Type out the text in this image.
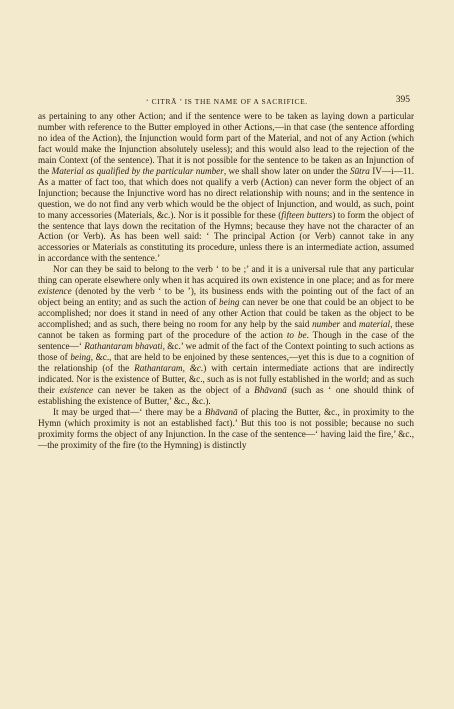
‘ CITRĀ ’ IS THE NAME OF A SACRIFICE.	395

as pertaining to any other Action; and if the sentence were to be taken as laying down a particular number with reference to the Butter employed in other Actions,—in that case (the sentence affording no idea of the Action), the Injunction would form part of the Material, and not of any Action (which fact would make the Injunction absolutely useless); and this would also lead to the rejection of the main Context (of the sentence). That it is not possible for the sentence to be taken as an Injunction of the Material as qualified by the particular number, we shall show later on under the Sūtra IV—i—11. As a matter of fact too, that which does not qualify a verb (Action) can never form the object of an Injunction; because the Injunctive word has no direct relationship with nouns; and in the sentence in question, we do not find any verb which would be the object of Injunction, and would, as such, point to many accessories (Materials, &c.). Nor is it possible for these (fifteen butters) to form the object of the sentence that lays down the recitation of the Hymns; because they have not the character of an Action (or Verb). As has been well said: ‘ The principal Action (or Verb) cannot take in any accessories or Materials as constituting its procedure, unless there is an intermediate action, assumed in accordance with the sentence.’

Nor can they be said to belong to the verb ‘ to be ;’ and it is a universal rule that any particular thing can operate elsewhere only when it has acquired its own existence in one place; and as for mere existence (denoted by the verb ‘ to be ’), its business ends with the pointing out of the fact of an object being an entity; and as such the action of being can never be one that could be an object to be accomplished; nor does it stand in need of any other Action that could be taken as the object to be accomplished; and as such, there being no room for any help by the said number and material, these cannot be taken as forming part of the procedure of the action to be. Though in the case of the sentence—‘ Rathantaram bhavati, &c.’ we admit of the fact of the Context pointing to such actions as those of being, &c., that are held to be enjoined by these sentences,—yet this is due to a cognition of the relationship (of the Rathantaram, &c.) with certain intermediate actions that are indirectly indicated. Nor is the existence of Butter, &c., such as is not fully established in the world; and as such their existence can never be taken as the object of a Bhāvanā (such as ‘ one should think of establishing the existence of Butter,’ &c., &c.).

It may be urged that—‘ there may be a Bhāvanā of placing the Butter, &c., in proximity to the Hymn (which proximity is not an established fact).’ But this too is not possible; because no such proximity forms the object of any Injunction. In the case of the sentence—‘ having laid the fire,’ &c.,—the proximity of the fire (to the Hymning) is distinctly
